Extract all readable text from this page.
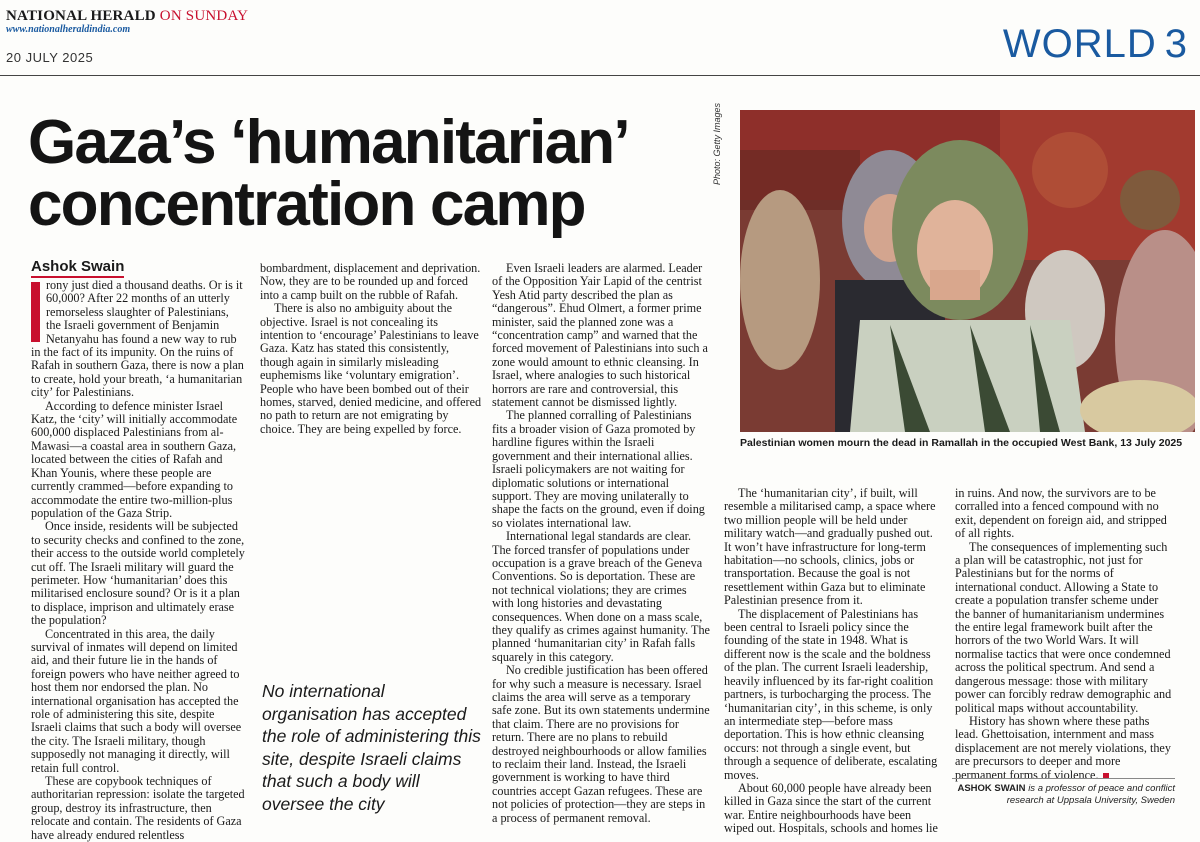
NATIONAL HERALD ON SUNDAY
www.nationalheraldindia.com
20 JULY 2025	WORLD 3
Gaza’s ‘humanitarian’
concentration camp
Ashok Swain

rony just died a thousand deaths. Or is it 60,000? After 22 months of an utterly remorseless slaughter of Palestinians, the Israeli government of Benjamin Netanyahu has found a new way to rub in the fact of its impunity. On the ruins of Rafah in southern Gaza, there is now a plan to create, hold your breath, ‘a humanitarian city’ for Palestinians.

According to defence minister Israel Katz, the ‘city’ will initially accommodate 600,000 displaced Palestinians from al-Mawasi—a coastal area in southern Gaza, located between the cities of Rafah and Khan Younis, where these people are currently crammed—before expanding to accommodate the entire two-million-plus population of the Gaza Strip.

Once inside, residents will be subjected to security checks and confined to the zone, their access to the outside world completely cut off. The Israeli military will guard the perimeter. How ‘humanitarian’ does this militarised enclosure sound? Or is it a plan to displace, imprison and ultimately erase the population?

Concentrated in this area, the daily survival of inmates will depend on limited aid, and their future lie in the hands of foreign powers who have neither agreed to host them nor endorsed the plan. No international organisation has accepted the role of administering this site, despite Israeli claims that such a body will oversee the city. The Israeli military, though supposedly not managing it directly, will retain full control.

These are copybook techniques of authoritarian repression: isolate the targeted group, destroy its infrastructure, then relocate and contain. The residents of Gaza have already endured relentless

bombardment, displacement and deprivation. Now, they are to be rounded up and forced into a camp built on the rubble of Rafah.

There is also no ambiguity about the objective. Israel is not concealing its intention to ‘encourage’ Palestinians to leave Gaza. Katz has stated this consistently, though again in similarly misleading euphemisms like ‘voluntary emigration’. People who have been bombed out of their homes, starved, denied medicine, and offered no path to return are not emigrating by choice. They are being expelled by force.

No international organisation has accepted the role of administering this site, despite Israeli claims that such a body will oversee the city

Even Israeli leaders are alarmed. Leader of the Opposition Yair Lapid of the centrist Yesh Atid party described the plan as “dangerous”. Ehud Olmert, a former prime minister, said the planned zone was a “concentration camp” and warned that the forced movement of Palestinians into such a zone would amount to ethnic cleansing. In Israel, where analogies to such historical horrors are rare and controversial, this statement cannot be dismissed lightly.

The planned corralling of Palestinians fits a broader vision of Gaza promoted by hardline figures within the Israeli government and their international allies. Israeli policymakers are not waiting for diplomatic solutions or international support. They are moving unilaterally to shape the facts on the ground, even if doing so violates international law.

International legal standards are clear. The forced transfer of populations under occupation is a grave breach of the Geneva Conventions. So is deportation. These are not technical violations; they are crimes with long histories and devastating consequences. When done on a mass scale, they qualify as crimes against humanity. The planned ‘humanitarian city’ in Rafah falls squarely in this category.

No credible justification has been offered for why such a measure is necessary. Israel claims the area will serve as a temporary safe zone. But its own statements undermine that claim. There are no provisions for return. There are no plans to rebuild destroyed neighbourhoods or allow families to reclaim their land. Instead, the Israeli government is working to have third countries accept Gazan refugees. These are not policies of protection—they are steps in a process of permanent removal.

Photo: Getty Images
Palestinian women mourn the dead in Ramallah in the occupied West Bank, 13 July 2025

The ‘humanitarian city’, if built, will resemble a militarised camp, a space where two million people will be held under military watch—and gradually pushed out. It won’t have infrastructure for long-term habitation—no schools, clinics, jobs or transportation. Because the goal is not resettlement within Gaza but to eliminate Palestinian presence from it.

The displacement of Palestinians has been central to Israeli policy since the founding of the state in 1948. What is different now is the scale and the boldness of the plan. The current Israeli leadership, heavily influenced by its far-right coalition partners, is turbocharging the process. The ‘humanitarian city’, in this scheme, is only an intermediate step—before mass deportation. This is how ethnic cleansing occurs: not through a single event, but through a sequence of deliberate, escalating moves.

About 60,000 people have already been killed in Gaza since the start of the current war. Entire neighbourhoods have been wiped out. Hospitals, schools and homes lie

in ruins. And now, the survivors are to be corralled into a fenced compound with no exit, dependent on foreign aid, and stripped of all rights.

The consequences of implementing such a plan will be catastrophic, not just for Palestinians but for the norms of international conduct. Allowing a State to create a population transfer scheme under the banner of humanitarianism undermines the entire legal framework built after the horrors of the two World Wars. It will normalise tactics that were once condemned across the political spectrum. And send a dangerous message: those with military power can forcibly redraw demographic and political maps without accountability.

History has shown where these paths lead. Ghettoisation, internment and mass displacement are not merely violations, they are precursors to deeper and more permanent forms of violence.

ASHOK SWAIN is a professor of peace and conflict research at Uppsala University, Sweden
